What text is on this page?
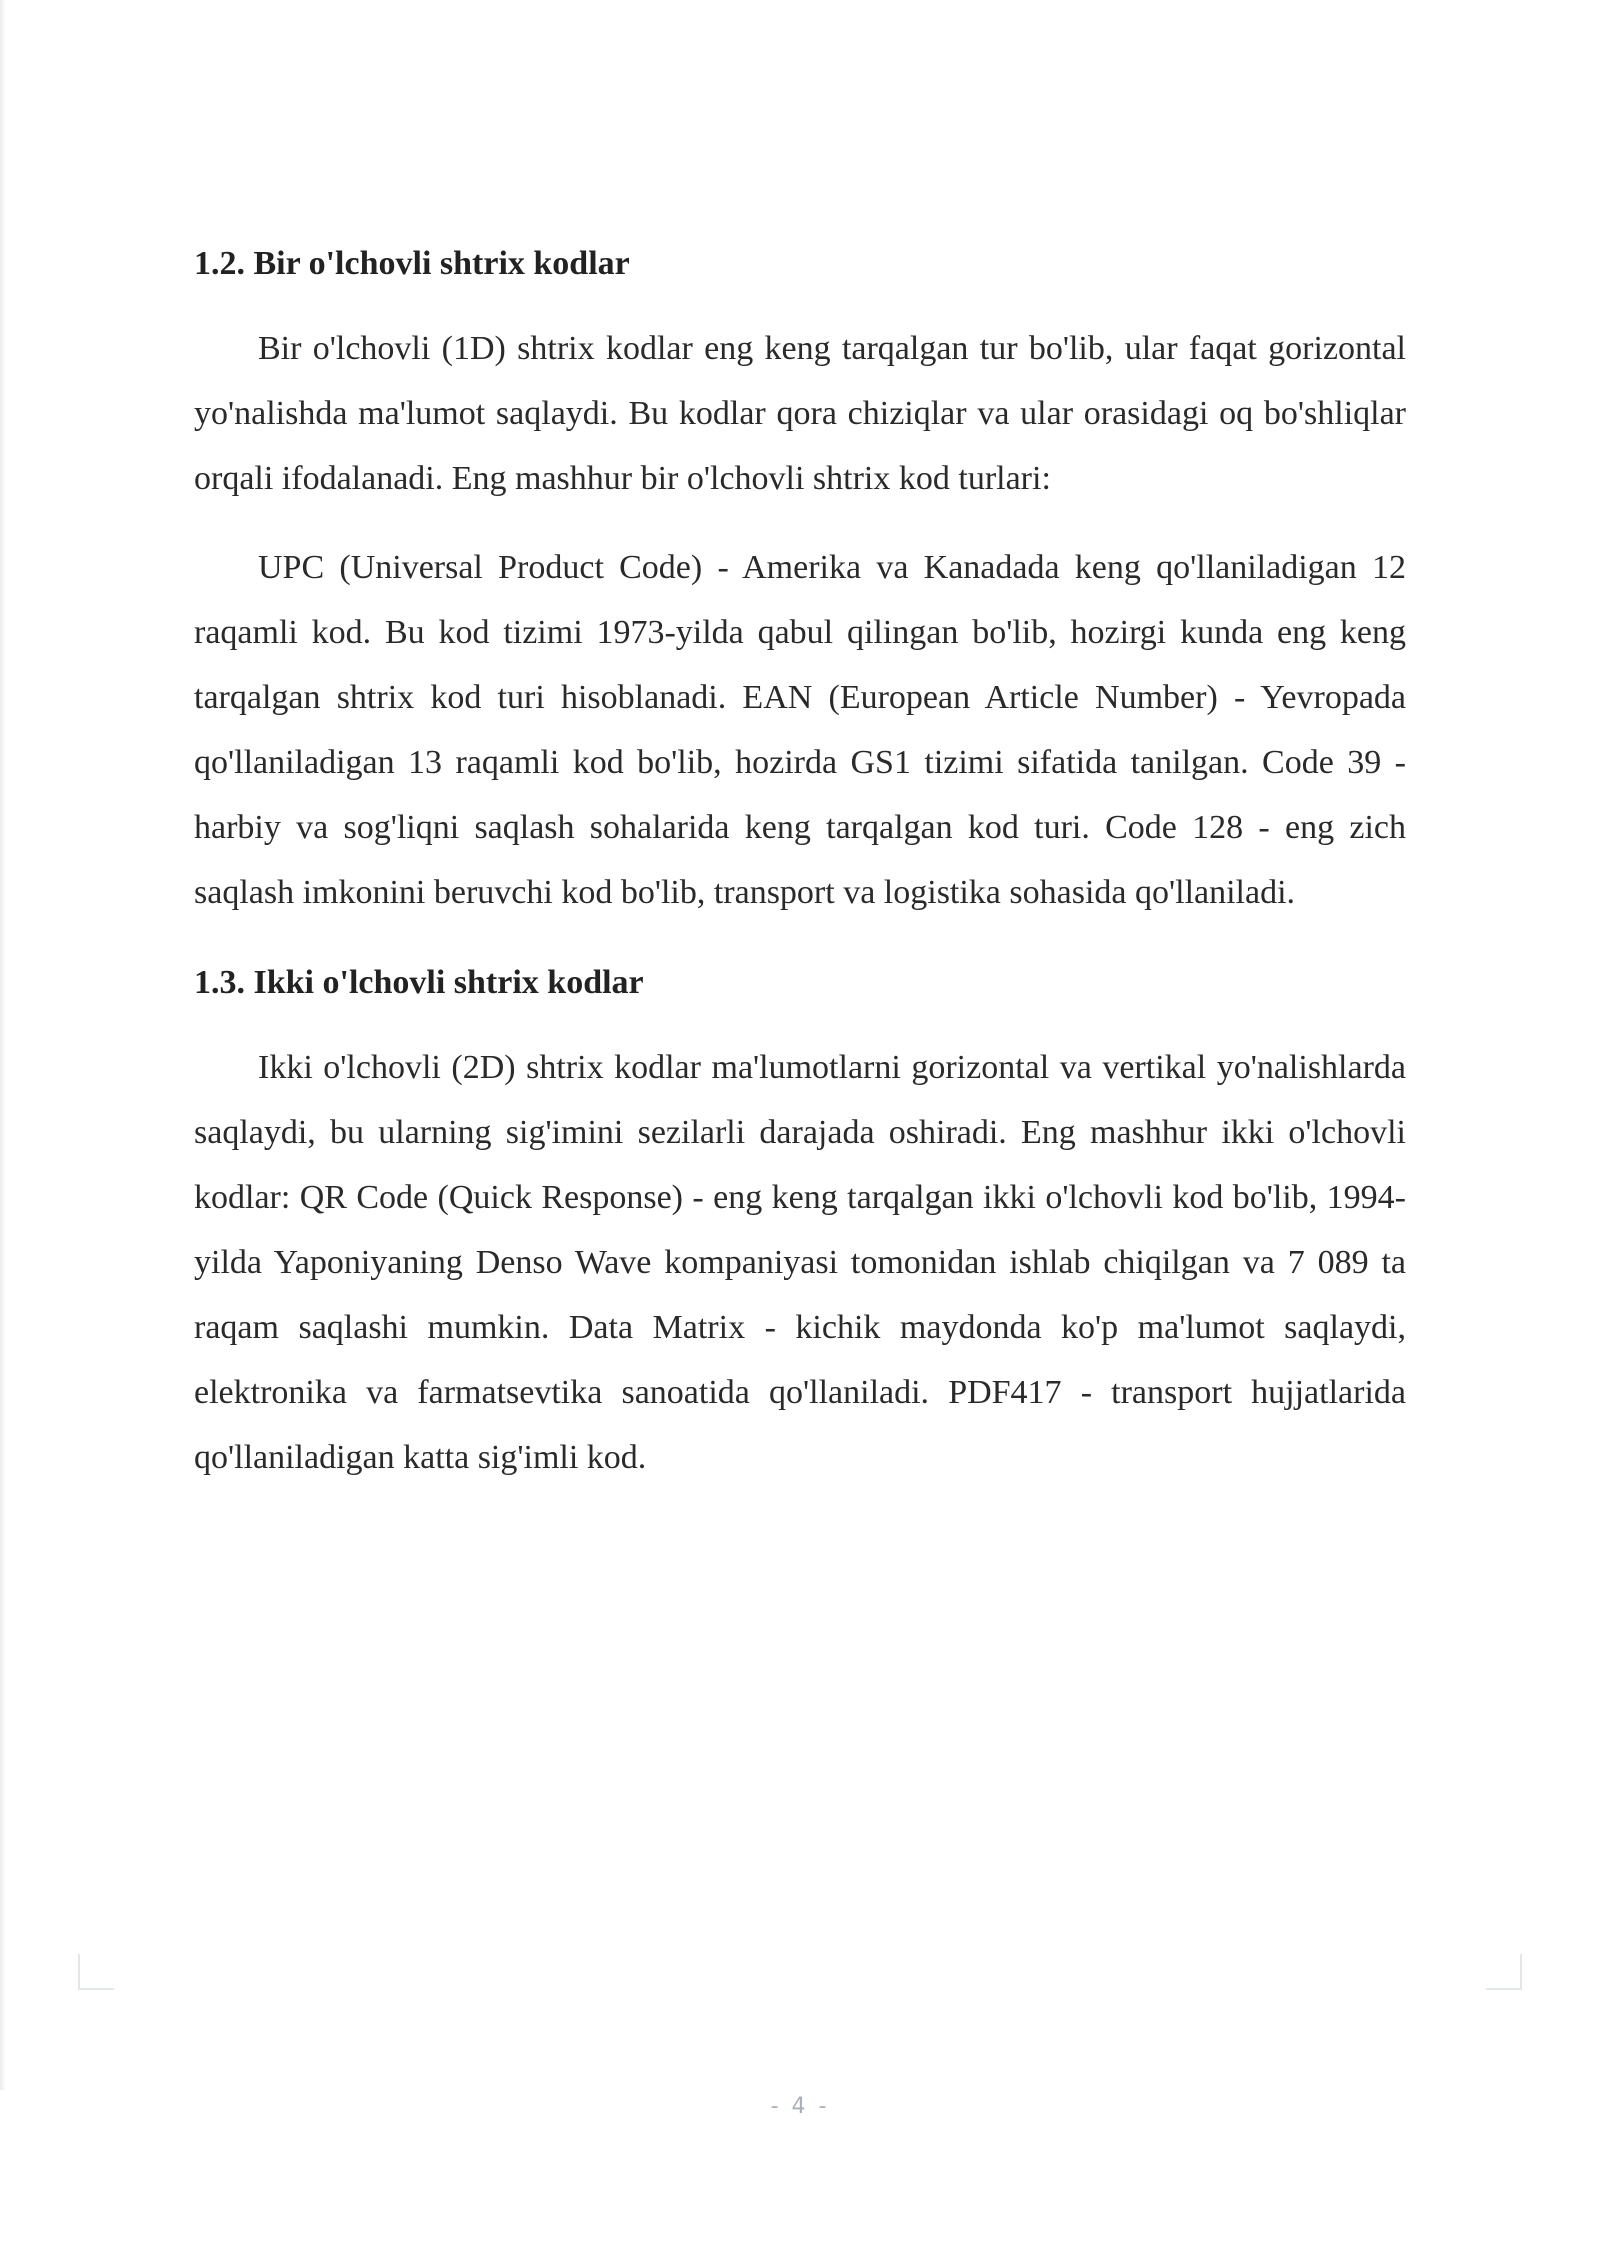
1.2. Bir o'lchovli shtrix kodlar

Bir o'lchovli (1D) shtrix kodlar eng keng tarqalgan tur bo'lib, ular faqat gorizontal yo'nalishda ma'lumot saqlaydi. Bu kodlar qora chiziqlar va ular orasidagi oq bo'shliqlar orqali ifodalanadi. Eng mashhur bir o'lchovli shtrix kod turlari:

UPC (Universal Product Code) - Amerika va Kanadada keng qo'llaniladigan 12 raqamli kod. Bu kod tizimi 1973-yilda qabul qilingan bo'lib, hozirgi kunda eng keng tarqalgan shtrix kod turi hisoblanadi. EAN (European Article Number) - Yevropada qo'llaniladigan 13 raqamli kod bo'lib, hozirda GS1 tizimi sifatida tanilgan. Code 39 - harbiy va sog'liqni saqlash sohalarida keng tarqalgan kod turi. Code 128 - eng zich saqlash imkonini beruvchi kod bo'lib, transport va logistika sohasida qo'llaniladi.

1.3. Ikki o'lchovli shtrix kodlar

Ikki o'lchovli (2D) shtrix kodlar ma'lumotlarni gorizontal va vertikal yo'nalishlarda saqlaydi, bu ularning sig'imini sezilarli darajada oshiradi. Eng mashhur ikki o'lchovli kodlar: QR Code (Quick Response) - eng keng tarqalgan ikki o'lchovli kod bo'lib, 1994-yilda Yaponiyaning Denso Wave kompaniyasi tomonidan ishlab chiqilgan va 7 089 ta raqam saqlashi mumkin. Data Matrix - kichik maydonda ko'p ma'lumot saqlaydi, elektronika va farmatsevtika sanoatida qo'llaniladi. PDF417 - transport hujjatlarida qo'llaniladigan katta sig'imli kod.

- 4 -
